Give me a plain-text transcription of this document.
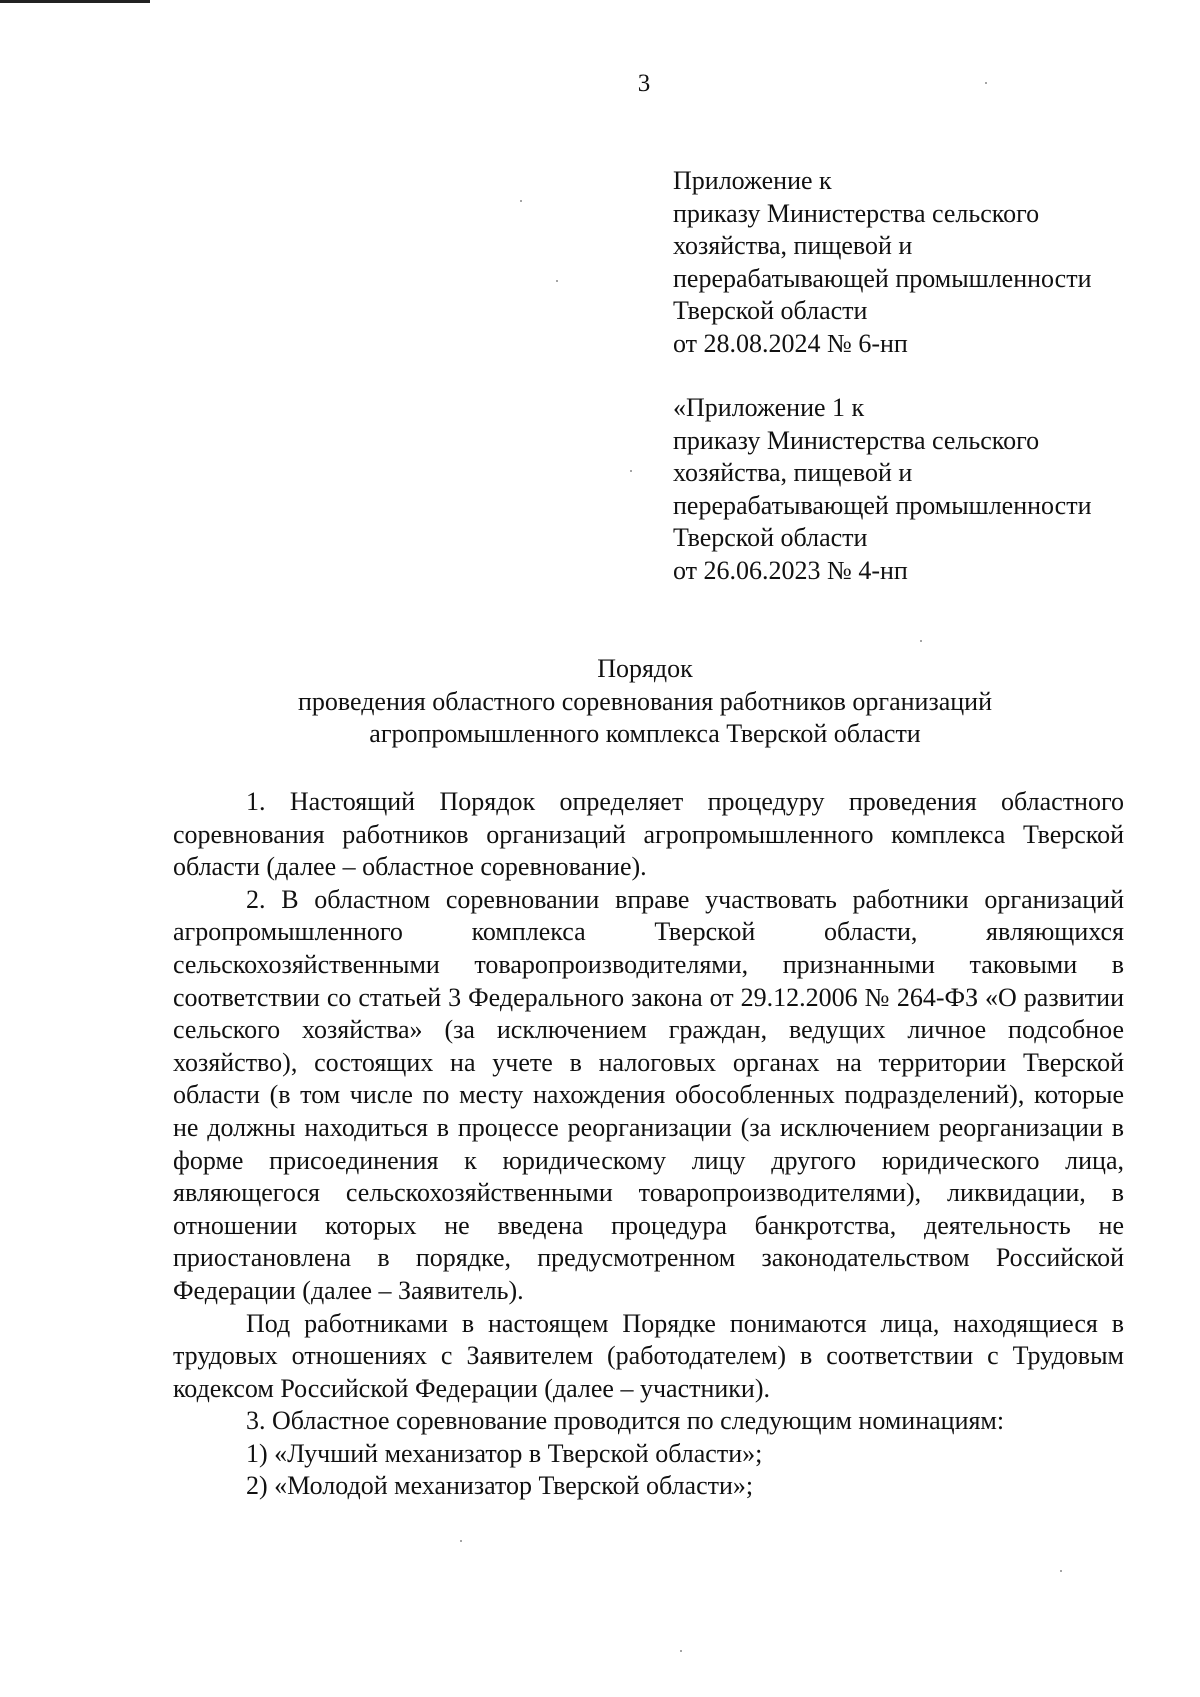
3
Приложение к
приказу Министерства сельского
хозяйства, пищевой и
перерабатывающей промышленности
Тверской области
от 28.08.2024 № 6-нп
«Приложение 1 к
приказу Министерства сельского
хозяйства, пищевой и
перерабатывающей промышленности
Тверской области
от 26.06.2023 № 4-нп
Порядок
проведения областного соревнования работников организаций
агропромышленного комплекса Тверской области

1. Настоящий Порядок определяет процедуру проведения областного соревнования работников организаций агропромышленного комплекса Тверской области (далее – областное соревнование).

2. В областном соревновании вправе участвовать работники организаций агропромышленного комплекса Тверской области, являющихся сельскохозяйственными товаропроизводителями, признанными таковыми в соответствии со статьей 3 Федерального закона от 29.12.2006 № 264-ФЗ «О развитии сельского хозяйства» (за исключением граждан, ведущих личное подсобное хозяйство), состоящих на учете в налоговых органах на территории Тверской области (в том числе по месту нахождения обособленных подразделений), которые не должны находиться в процессе реорганизации (за исключением реорганизации в форме присоединения к юридическому лицу другого юридического лица, являющегося сельскохозяйственными товаропроизводителями), ликвидации, в отношении которых не введена процедура банкротства, деятельность не приостановлена в порядке, предусмотренном законодательством Российской Федерации (далее – Заявитель).

Под работниками в настоящем Порядке понимаются лица, находящиеся в трудовых отношениях с Заявителем (работодателем) в соответствии с Трудовым кодексом Российской Федерации (далее – участники).

3. Областное соревнование проводится по следующим номинациям:

1) «Лучший механизатор в Тверской области»;

2) «Молодой механизатор Тверской области»;
